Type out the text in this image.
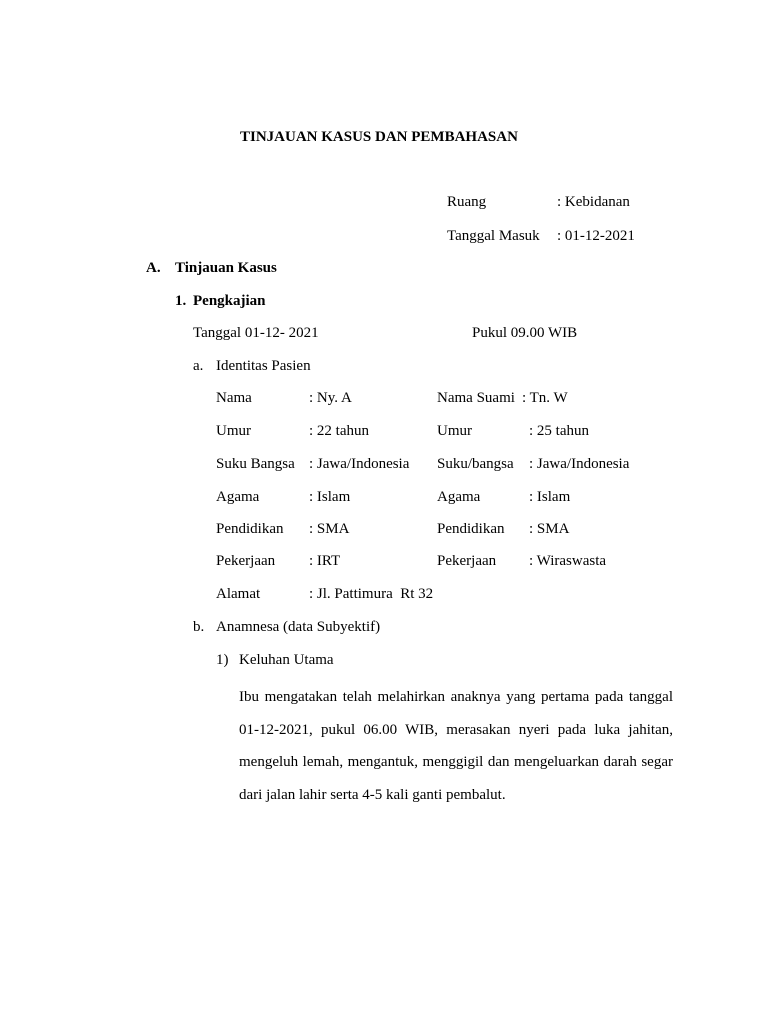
TINJAUAN KASUS DAN PEMBAHASAN
Ruang	: Kebidanan
Tanggal Masuk : 01-12-2021
A. Tinjauan Kasus
1. Pengkajian
Tanggal 01-12- 2021	Pukul 09.00 WIB
a. Identitas Pasien
Nama	: Ny. A	Nama Suami : Tn. W
Umur	: 22 tahun	Umur	: 25 tahun
Suku Bangsa : Jawa/Indonesia Suku/bangsa : Jawa/Indonesia
Agama	: Islam	Agama	: Islam
Pendidikan : SMA	Pendidikan : SMA
Pekerjaan : IRT	Pekerjaan : Wiraswasta
Alamat	: Jl. Pattimura  Rt 32
b. Anamnesa (data Subyektif)
1) Keluhan Utama
Ibu mengatakan telah melahirkan anaknya yang pertama pada tanggal 01-12-2021, pukul 06.00 WIB, merasakan nyeri pada luka jahitan, mengeluh lemah, mengantuk, menggigil dan mengeluarkan darah segar dari jalan lahir serta 4-5 kali ganti pembalut.
